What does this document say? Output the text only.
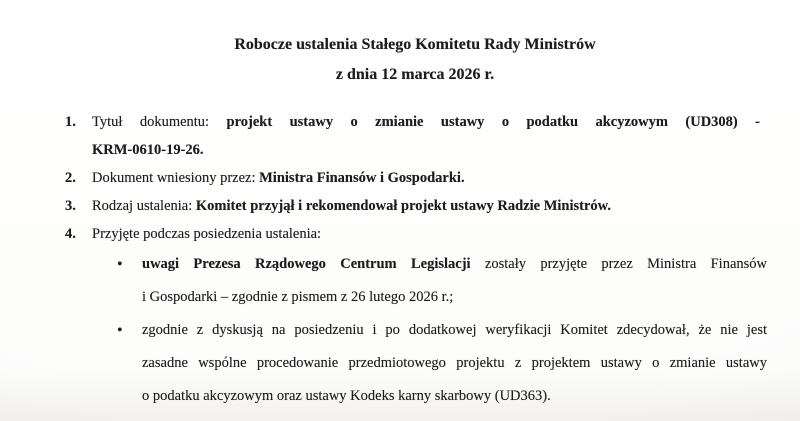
Robocze ustalenia Stałego Komitetu Rady Ministrów
z dnia 12 marca 2026 r.
1. Tytuł dokumentu: projekt ustawy o zmianie ustawy o podatku akcyzowym (UD308) -
KRM-0610-19-26.
2. Dokument wniesiony przez: Ministra Finansów i Gospodarki.
3. Rodzaj ustalenia: Komitet przyjął i rekomendował projekt ustawy Radzie Ministrów.
4. Przyjęte podczas posiedzenia ustalenia:
• uwagi Prezesa Rządowego Centrum Legislacji zostały przyjęte przez Ministra Finansów
i Gospodarki – zgodnie z pismem z 26 lutego 2026 r.;
• zgodnie z dyskusją na posiedzeniu i po dodatkowej weryfikacji Komitet zdecydował, że nie jest
zasadne wspólne procedowanie przedmiotowego projektu z projektem ustawy o zmianie ustawy
o podatku akcyzowym oraz ustawy Kodeks karny skarbowy (UD363).
